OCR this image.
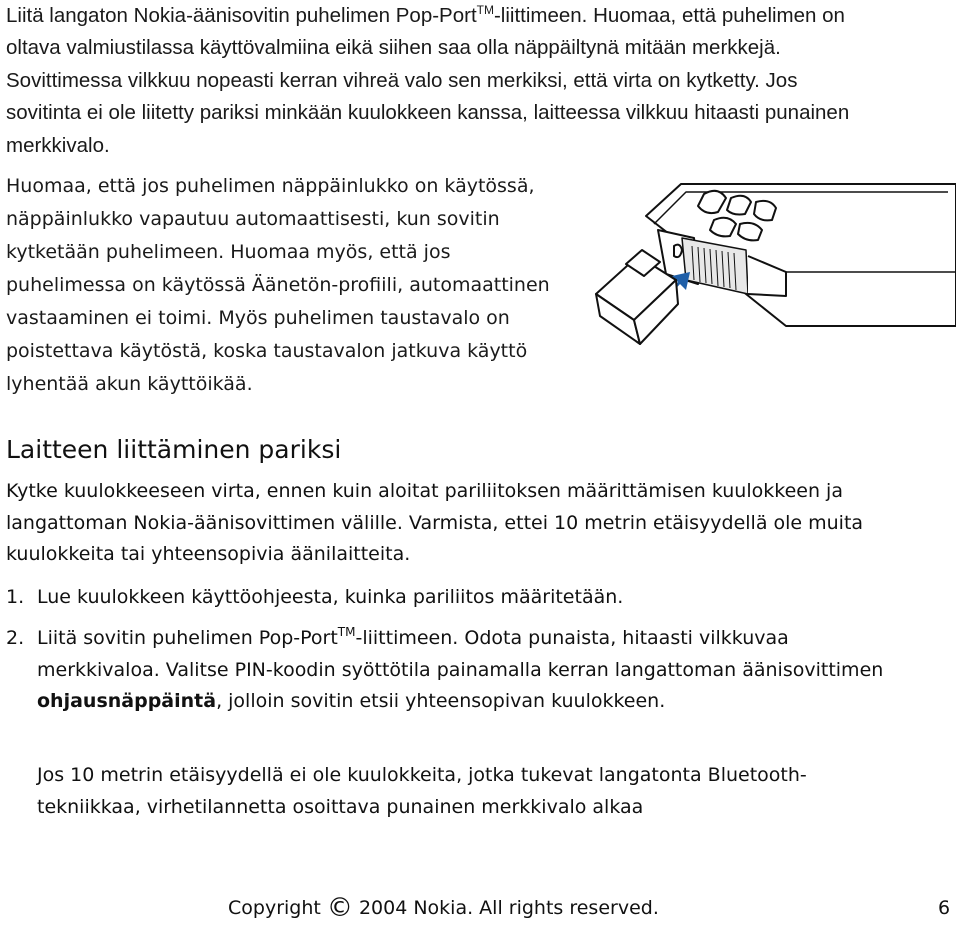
Liitä langaton Nokia-äänisovitin puhelimen Pop-Port™-liittimeen. Huomaa, että puhelimen on oltava valmiustilassa käyttövalmiina eikä siihen saa olla näppäiltynä mitään merkkejä. Sovittimessa vilkkuu nopeasti kerran vihreä valo sen merkiksi, että virta on kytketty. Jos sovitinta ei ole liitetty pariksi minkään kuulokkeen kanssa, laitteessa vilkkuu hitaasti punainen merkkivalo.

Huomaa, että jos puhelimen näppäinlukko on käytössä, näppäinlukko vapautuu automaattisesti, kun sovitin kytketään puhelimeen. Huomaa myös, että jos puhelimessa on käytössä Äänetön-profiili, automaattinen vastaaminen ei toimi. Myös puhelimen taustavalo on poistettava käytöstä, koska taustavalon jatkuva käyttö lyhentää akun käyttöikää.

Laitteen liittäminen pariksi

Kytke kuulokkeeseen virta, ennen kuin aloitat pariliitoksen määrittämisen kuulokkeen ja langattoman Nokia-äänisovittimen välille. Varmista, ettei 10 metrin etäisyydellä ole muita kuulokkeita tai yhteensopivia äänilaitteita.

1. Lue kuulokkeen käyttöohjeesta, kuinka pariliitos määritetään.
2. Liitä sovitin puhelimen Pop-Port™-liittimeen. Odota punaista, hitaasti vilkkuvaa merkkivaloa. Valitse PIN-koodin syöttötila painamalla kerran langattoman äänisovittimen ohjausnäppäintä, jolloin sovitin etsii yhteensopivan kuulokkeen.
Jos 10 metrin etäisyydellä ei ole kuulokkeita, jotka tukevat langatonta Bluetooth-tekniikkaa, virhetilannetta osoittava punainen merkkivalo alkaa
Copyright © 2004 Nokia. All rights reserved.	6
